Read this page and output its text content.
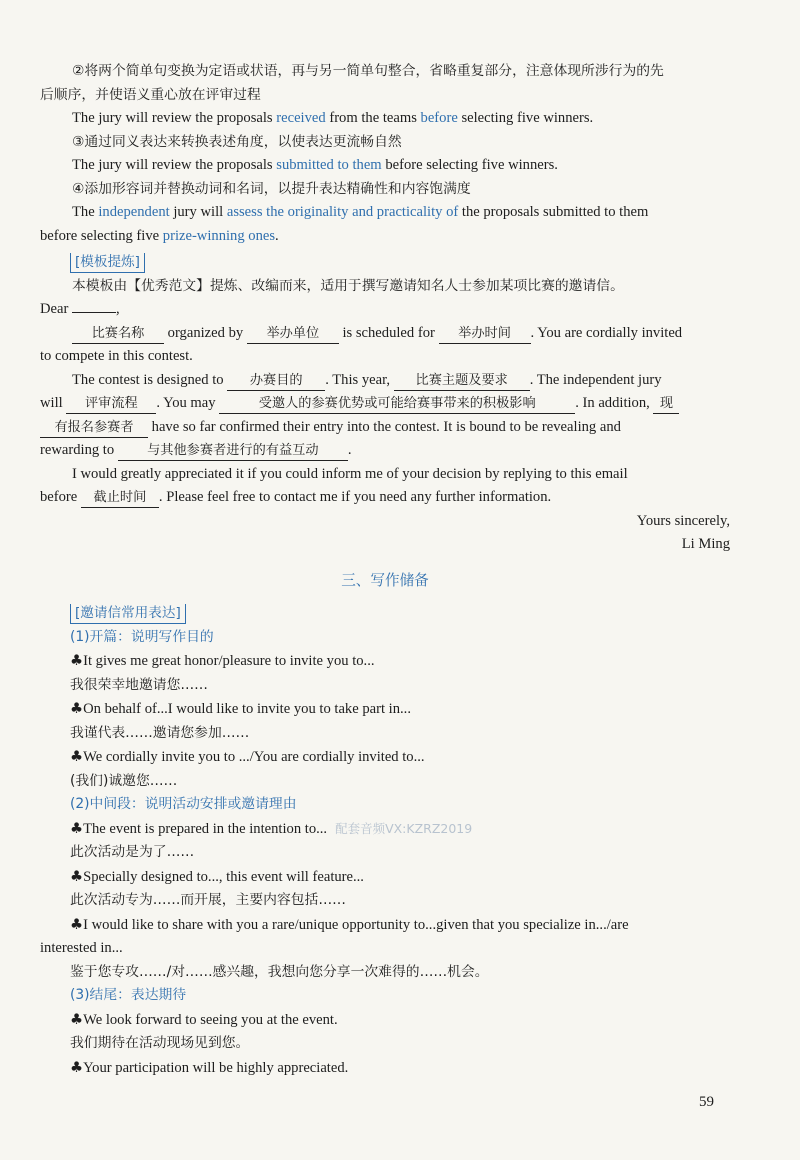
②将两个简单句变换为定语或状语，再与另一简单句整合，省略重复部分，注意体现所涉行为的先

后顺序，并使语义重心放在评审过程

The jury will review the proposals received from the teams before selecting five winners.

③通过同义表达来转换表述角度，以使表达更流畅自然

The jury will review the proposals submitted to them before selecting five winners.

④添加形容词并替换动词和名词，以提升表达精确性和内容饱满度

The independent jury will assess the originality and practicality of the proposals submitted to them

before selecting five prize-winning ones.

[模板提炼]

本模板由【优秀范文】提炼、改编而来，适用于撰写邀请知名人士参加某项比赛的邀请信。

Dear	,

比赛名称 organized by 举办单位 is scheduled for 举办时间 . You are cordially invited

to compete in this contest.

The contest is designed to 办赛目的 . This year, 比赛主题及要求 . The independent jury

will 评审流程 . You may	受邀人的参赛优势或可能给赛事带来的积极影响	. In addition, 现

有报名参赛者 have so far confirmed their entry into the contest. It is bound to be revealing and

rewarding to 与其他参赛者进行的有益互动 .

I would greatly appreciated it if you could inform me of your decision by replying to this email

before 截止时间 . Please feel free to contact me if you need any further information.

Yours sincerely,

Li Ming

三、写作储备

[邀请信常用表达]

(1)开篇：说明写作目的

♣It gives me great honor/pleasure to invite you to...

我很荣幸地邀请您……

♣On behalf of...I would like to invite you to take part in...

我谨代表……邀请您参加……

♣We cordially invite you to .../You are cordially invited to...

(我们)诚邀您……

(2)中间段：说明活动安排或邀请理由

♣The event is prepared in the intention to... 配套音频VX:KZRZ2019

此次活动是为了……

♣Specially designed to..., this event will feature...

此次活动专为……而开展，主要内容包括……

♣I would like to share with you a rare/unique opportunity to...given that you specialize in.../are

interested in...

鉴于您专攻……/对……感兴趣，我想向您分享一次难得的……机会。

(3)结尾：表达期待

♣We look forward to seeing you at the event.

我们期待在活动现场见到您。

♣Your participation will be highly appreciated.

59
